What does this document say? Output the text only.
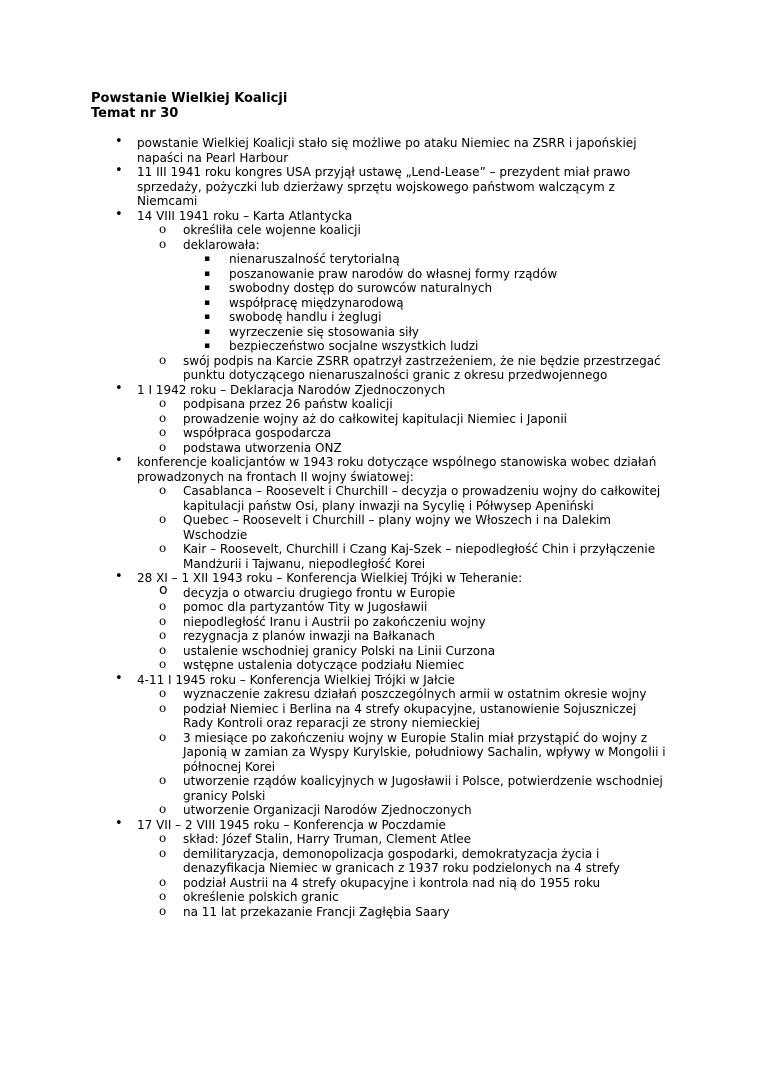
Powstanie Wielkiej Koalicji
Temat nr 30
• powstanie Wielkiej Koalicji stało się możliwe po ataku Niemiec na ZSRR i japońskiej napaści na Pearl Harbour
• 11 III 1941 roku kongres USA przyjął ustawę „Lend-Lease” – prezydent miał prawo sprzedaży, pożyczki lub dzierżawy sprzętu wojskowego państwom walczącym z Niemcami
• 14 VIII 1941 roku – Karta Atlantycka
o określiła cele wojenne koalicji
o deklarowała:
▪ nienaruszalność terytorialną
▪ poszanowanie praw narodów do własnej formy rządów
▪ swobodny dostęp do surowców naturalnych
▪ współpracę międzynarodową
▪ swobodę handlu i żeglugi
▪ wyrzeczenie się stosowania siły
▪ bezpieczeństwo socjalne wszystkich ludzi
o swój podpis na Karcie ZSRR opatrzył zastrzeżeniem, że nie będzie przestrzegać punktu dotyczącego nienaruszalności granic z okresu przedwojennego
• 1 I 1942 roku – Deklaracja Narodów Zjednoczonych
o podpisana przez 26 państw koalicji
o prowadzenie wojny aż do całkowitej kapitulacji Niemiec i Japonii
o współpraca gospodarcza
o podstawa utworzenia ONZ
• konferencje koalicjantów w 1943 roku dotyczące wspólnego stanowiska wobec działań prowadzonych na frontach II wojny światowej:
o Casablanca – Roosevelt i Churchill – decyzja o prowadzeniu wojny do całkowitej kapitulacji państw Osi, plany inwazji na Sycylię i Półwysep Apeniński
o Quebec – Roosevelt i Churchill – plany wojny we Włoszech i na Dalekim Wschodzie
o Kair – Roosevelt, Churchill i Czang Kaj-Szek – niepodległość Chin i przyłączenie Mandżurii i Tajwanu, niepodległość Korei
• 28 XI – 1 XII 1943 roku – Konferencja Wielkiej Trójki w Teheranie:
o decyzja o otwarciu drugiego frontu w Europie
o pomoc dla partyzantów Tity w Jugosławii
o niepodległość Iranu i Austrii po zakończeniu wojny
o rezygnacja z planów inwazji na Bałkanach
o ustalenie wschodniej granicy Polski na Linii Curzona
o wstępne ustalenia dotyczące podziału Niemiec
• 4-11 I 1945 roku – Konferencja Wielkiej Trójki w Jałcie
o wyznaczenie zakresu działań poszczególnych armii w ostatnim okresie wojny
o podział Niemiec i Berlina na 4 strefy okupacyjne, ustanowienie Sojuszniczej Rady Kontroli oraz reparacji ze strony niemieckiej
o 3 miesiące po zakończeniu wojny w Europie Stalin miał przystąpić do wojny z Japonią w zamian za Wyspy Kurylskie, południowy Sachalin, wpływy w Mongolii i północnej Korei
o utworzenie rządów koalicyjnych w Jugosławii i Polsce, potwierdzenie wschodniej granicy Polski
o utworzenie Organizacji Narodów Zjednoczonych
• 17 VII – 2 VIII 1945 roku – Konferencja w Poczdamie
o skład: Józef Stalin, Harry Truman, Clement Atlee
o demilitaryzacja, demonopolizacja gospodarki, demokratyzacja życia i denazyfikacja Niemiec w granicach z 1937 roku podzielonych na 4 strefy
o podział Austrii na 4 strefy okupacyjne i kontrola nad nią do 1955 roku
o określenie polskich granic
o na 11 lat przekazanie Francji Zagłębia Saary
